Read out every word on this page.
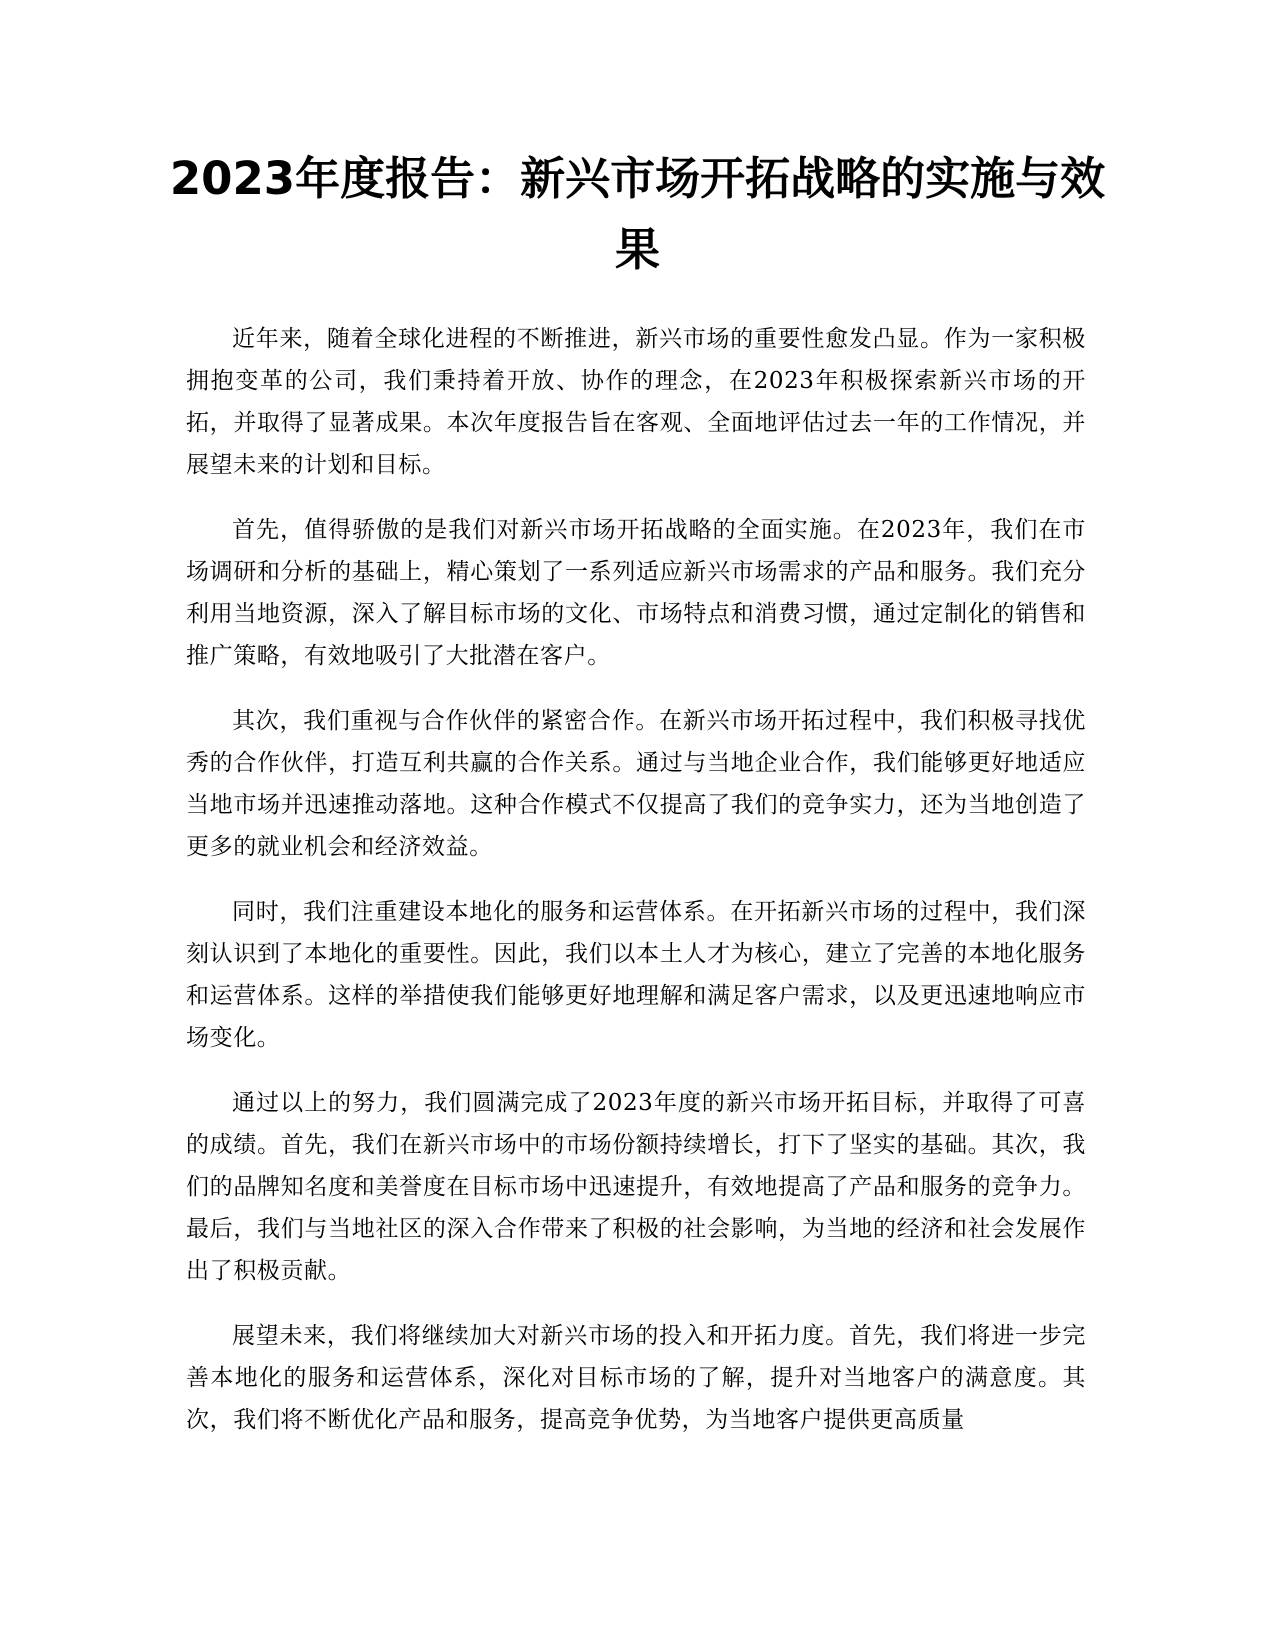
2023年度报告：新兴市场开拓战略的实施与效果

近年来，随着全球化进程的不断推进，新兴市场的重要性愈发凸显。作为一家积极拥抱变革的公司，我们秉持着开放、协作的理念，在2023年积极探索新兴市场的开拓，并取得了显著成果。本次年度报告旨在客观、全面地评估过去一年的工作情况，并展望未来的计划和目标。

首先，值得骄傲的是我们对新兴市场开拓战略的全面实施。在2023年，我们在市场调研和分析的基础上，精心策划了一系列适应新兴市场需求的产品和服务。我们充分利用当地资源，深入了解目标市场的文化、市场特点和消费习惯，通过定制化的销售和推广策略，有效地吸引了大批潜在客户。

其次，我们重视与合作伙伴的紧密合作。在新兴市场开拓过程中，我们积极寻找优秀的合作伙伴，打造互利共赢的合作关系。通过与当地企业合作，我们能够更好地适应当地市场并迅速推动落地。这种合作模式不仅提高了我们的竞争实力，还为当地创造了更多的就业机会和经济效益。

同时，我们注重建设本地化的服务和运营体系。在开拓新兴市场的过程中，我们深刻认识到了本地化的重要性。因此，我们以本土人才为核心，建立了完善的本地化服务和运营体系。这样的举措使我们能够更好地理解和满足客户需求，以及更迅速地响应市场变化。

通过以上的努力，我们圆满完成了2023年度的新兴市场开拓目标，并取得了可喜的成绩。首先，我们在新兴市场中的市场份额持续增长，打下了坚实的基础。其次，我们的品牌知名度和美誉度在目标市场中迅速提升，有效地提高了产品和服务的竞争力。最后，我们与当地社区的深入合作带来了积极的社会影响，为当地的经济和社会发展作出了积极贡献。

展望未来，我们将继续加大对新兴市场的投入和开拓力度。首先，我们将进一步完善本地化的服务和运营体系，深化对目标市场的了解，提升对当地客户的满意度。其次，我们将不断优化产品和服务，提高竞争优势，为当地客户提供更高质量
